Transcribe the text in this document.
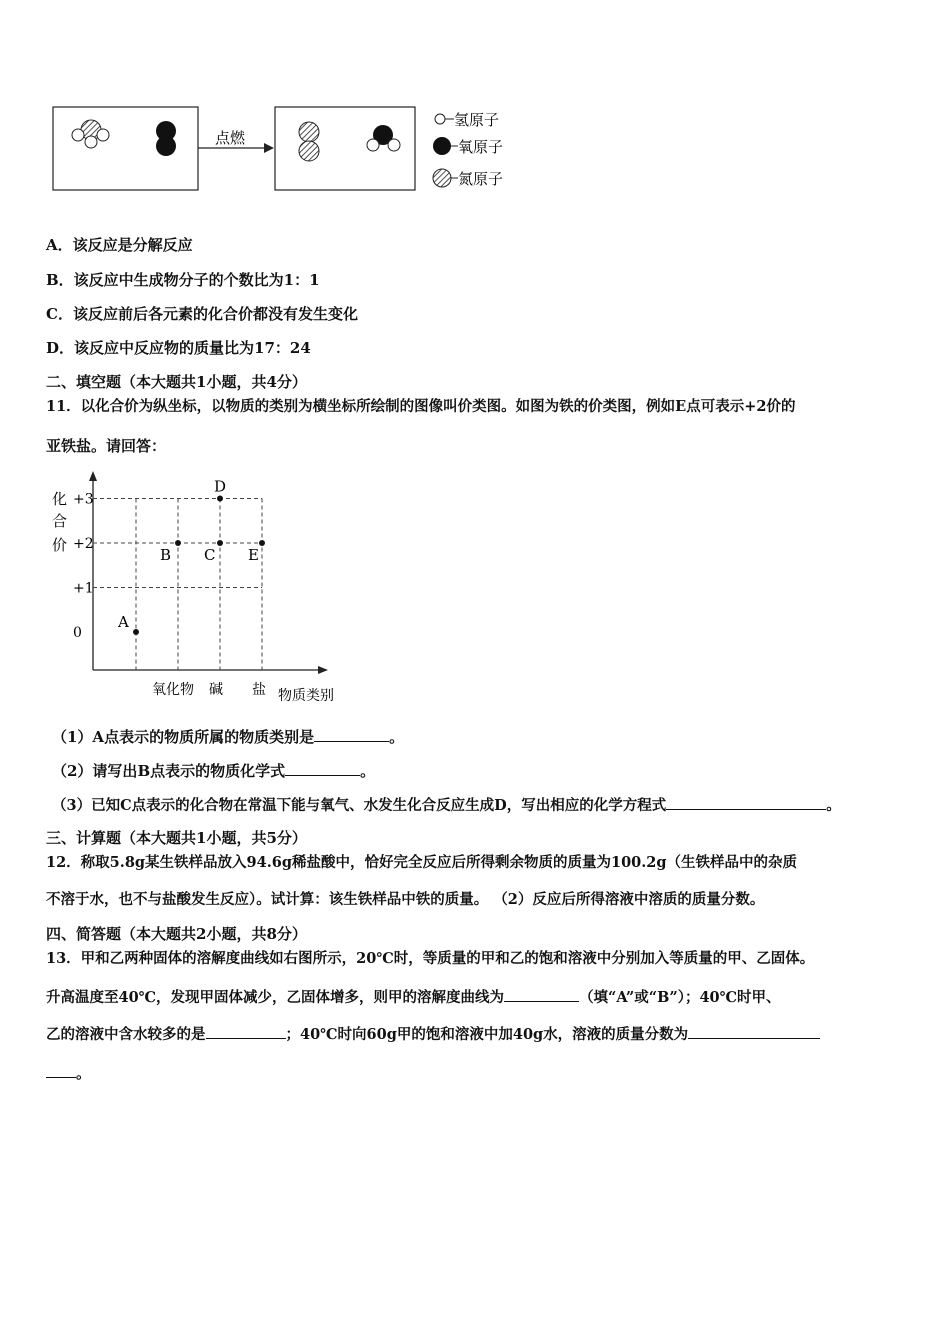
点燃
氢原子
氧原子
氮原子
A．该反应是分解反应
B．该反应中生成物分子的个数比为1：1
C．该反应前后各元素的化合价都没有发生变化
D．该反应中反应物的质量比为17：24
二、填空题（本大题共1小题，共4分）
11．以化合价为纵坐标，以物质的类别为横坐标所绘制的图像叫价类图。如图为铁的价类图，例如E点可表示+2价的
亚铁盐。请回答：
化
合
价
氧化物 碱 盐 物质类别
+3
+2
+1
0
A
B C
D
E
（1）A点表示的物质所属的物质类别是	。
（2）请写出B点表示的物质化学式	。
（3）已知C点表示的化合物在常温下能与氧气、水发生化合反应生成D，写出相应的化学方程式	。
三、计算题（本大题共1小题，共5分）
12．称取5.8g某生铁样品放入94.6g稀盐酸中，恰好完全反应后所得剩余物质的质量为100.2g（生铁样品中的杂质
不溶于水，也不与盐酸发生反应）。试计算：该生铁样品中铁的质量。 （2）反应后所得溶液中溶质的质量分数。
四、简答题（本大题共2小题，共8分）
13．甲和乙两种固体的溶解度曲线如右图所示，20℃时，等质量的甲和乙的饱和溶液中分别加入等质量的甲、乙固体。
升高温度至40℃，发现甲固体减少，乙固体增多，则甲的溶解度曲线为	（填“A”或“B”）；40℃时甲、
乙的溶液中含水较多的是	；40℃时向60g甲的饱和溶液中加40g水，溶液的质量分数为
。
